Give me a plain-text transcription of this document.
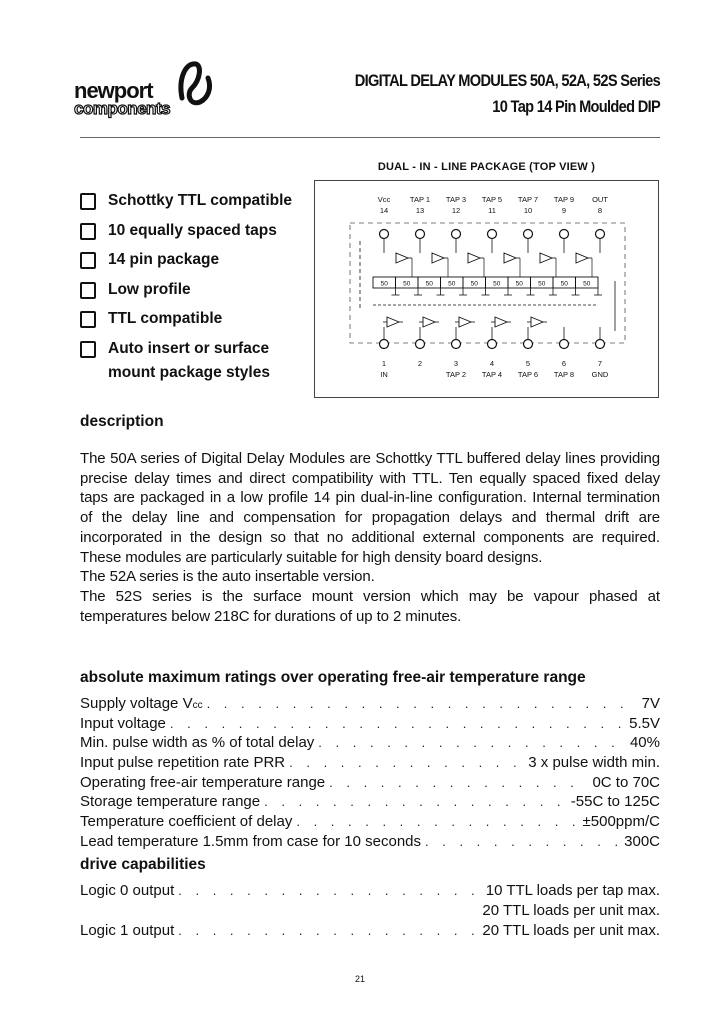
newport
components
DIGITAL DELAY MODULES 50A, 52A, 52S Series
10 Tap 14 Pin Moulded DIP
DUAL - IN - LINE PACKAGE (TOP VIEW )
Vcc
14
TAP 1
13
TAP 3
12
TAP 5
11
TAP 7
10
TAP 9
9
OUT
8
1
IN
2	3
TAP 2
4
TAP 4
5
TAP 6
6
TAP 8
7
GND
50 50 50 50 50 50 50 50 50 50
Schottky TTL compatible
10 equally spaced taps
14 pin package
Low profile
TTL compatible
Auto insert or surface
mount package styles
description

The 50A series of Digital Delay Modules are Schottky TTL buffered delay lines providing precise delay times and direct compatibility with TTL. Ten equally spaced fixed delay taps are packaged in a low profile 14 pin dual-in-line configuration. Internal termination of the delay line and compensation for propagation delays and thermal drift are incorporated in the design so that no additional external components are required. These modules are particularly suitable for high density board designs.

The 52A series is the auto insertable version.

The 52S series is the surface mount version which may be vapour phased at temperatures below 218C for durations of up to 2 minutes.

absolute maximum ratings over operating free-air temperature range
Supply voltage V cc . . .	7V
Input voltage . . .	5.5V
Min. pulse width as % of total delay . . .	40%
Input pulse repetition rate PRR . . .	3 x pulse width min.
Operating free-air temperature range . . .	0C to 70C
Storage temperature range . . .	-55C to 125C
Temperature coefficient of delay . . .	±500ppm/C
Lead temperature 1.5mm from case for 10 seconds . . .	300C
drive capabilities
Logic 0 output . . .	10 TTL loads per tap max.
20 TTL loads per unit max.
Logic 1 output . . .	20 TTL loads per unit max.
21
